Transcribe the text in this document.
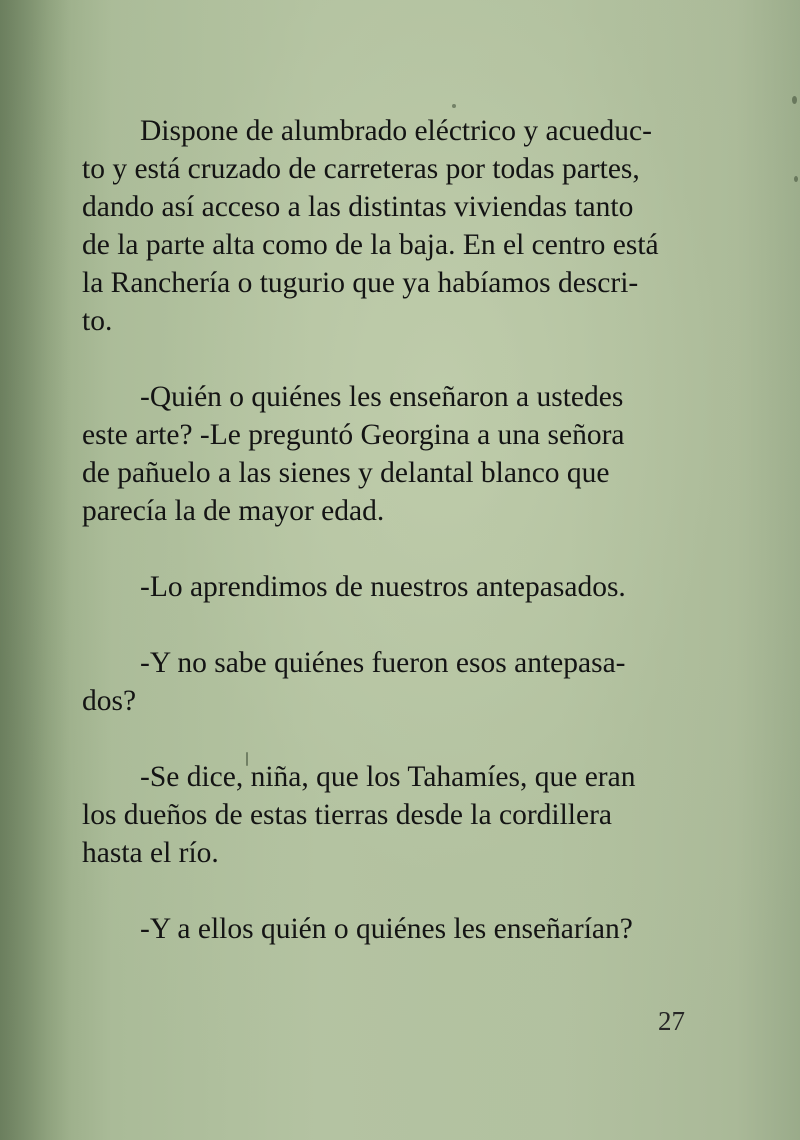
Dispone de alumbrado eléctrico y acueduc-
to y está cruzado de carreteras por todas partes,
dando así acceso a las distintas viviendas tanto
de la parte alta como de la baja. En el centro está
la Ranchería o tugurio que ya habíamos descri-
to.
-Quién o quiénes les enseñaron a ustedes
este arte? -Le preguntó Georgina a una señora
de pañuelo a las sienes y delantal blanco que
parecía la de mayor edad.
-Lo aprendimos de nuestros antepasados.
-Y no sabe quiénes fueron esos antepasa-
dos?
-Se dice, niña, que los Tahamíes, que eran
los dueños de estas tierras desde la cordillera
hasta el río.
-Y a ellos quién o quiénes les enseñarían?
27
